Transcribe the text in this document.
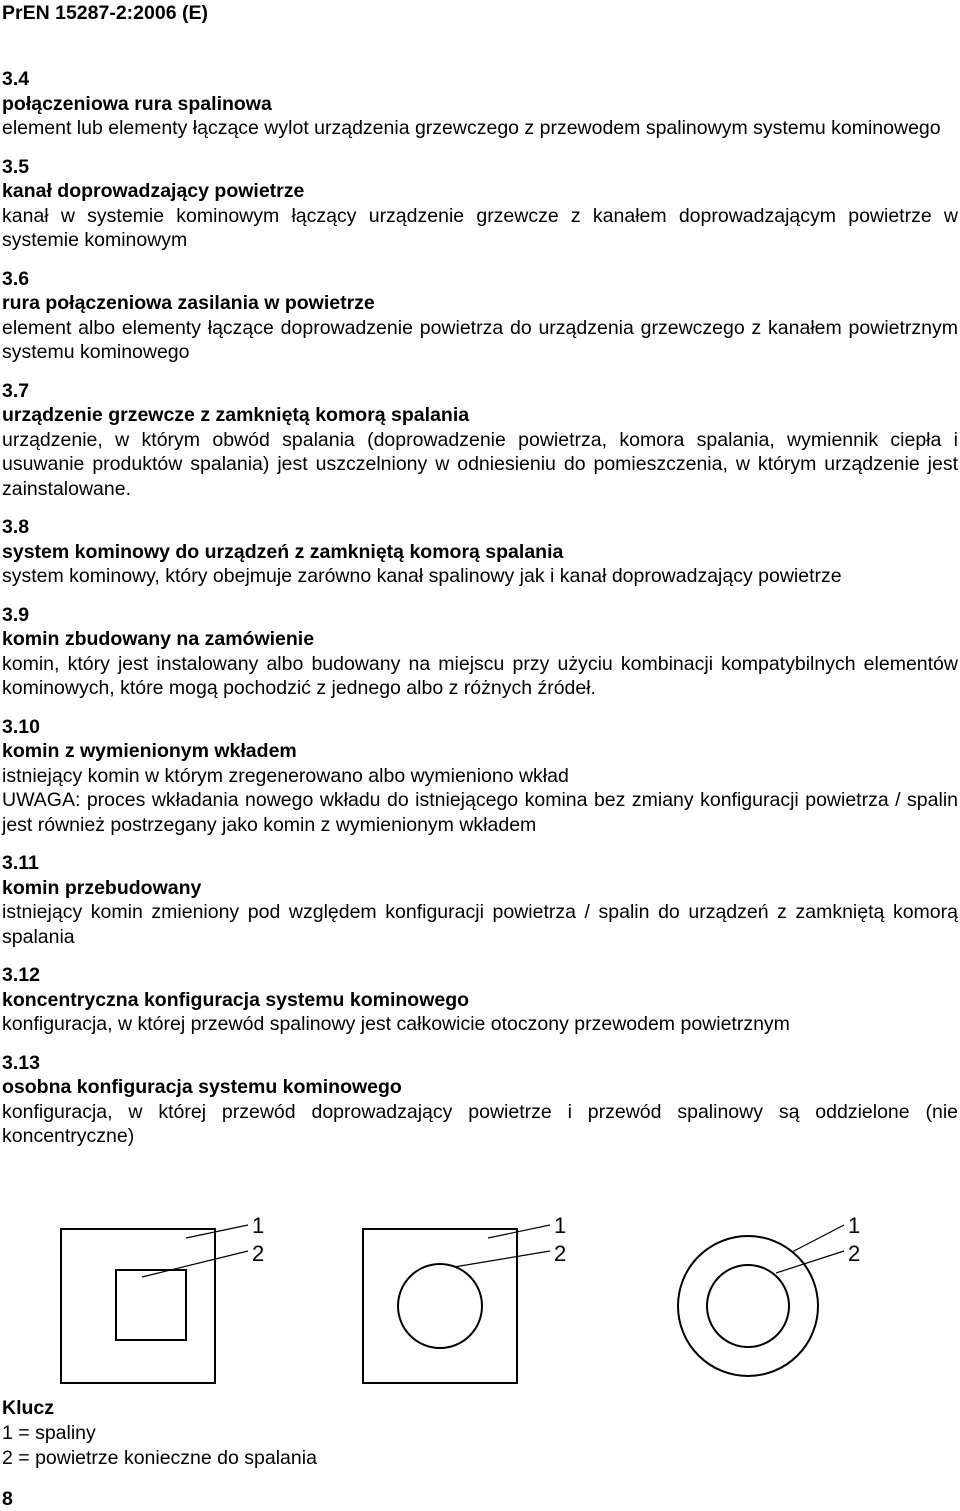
PrEN 15287-2:2006 (E)
3.4
połączeniowa rura spalinowa
element lub elementy łączące wylot urządzenia grzewczego z przewodem spalinowym systemu kominowego
3.5
kanał doprowadzający powietrze
kanał w systemie kominowym łączący urządzenie grzewcze z kanałem doprowadzającym powietrze w systemie kominowym
3.6
rura połączeniowa zasilania w powietrze
element albo elementy łączące doprowadzenie powietrza do urządzenia grzewczego z kanałem powietrznym systemu kominowego
3.7
urządzenie grzewcze z zamkniętą komorą spalania
urządzenie, w którym obwód spalania (doprowadzenie powietrza, komora spalania, wymiennik ciepła i usuwanie produktów spalania) jest uszczelniony w odniesieniu do pomieszczenia, w którym urządzenie jest zainstalowane.
3.8
system kominowy do urządzeń z zamkniętą komorą spalania
system kominowy, który obejmuje zarówno kanał spalinowy jak i kanał doprowadzający powietrze
3.9
komin zbudowany na zamówienie
komin, który jest instalowany albo budowany na miejscu przy użyciu kombinacji kompatybilnych elementów kominowych, które mogą pochodzić z jednego albo z różnych źródeł.
3.10
komin z wymienionym wkładem
istniejący komin w którym zregenerowano albo wymieniono wkład
UWAGA: proces wkładania nowego wkładu do istniejącego komina bez zmiany konfiguracji powietrza / spalin jest również postrzegany jako komin z wymienionym wkładem
3.11
komin przebudowany
istniejący komin zmieniony pod względem konfiguracji powietrza / spalin do urządzeń z zamkniętą komorą spalania
3.12
koncentryczna konfiguracja systemu kominowego
konfiguracja, w której przewód spalinowy jest całkowicie otoczony przewodem powietrznym
3.13
osobna konfiguracja systemu kominowego
konfiguracja, w której przewód doprowadzający powietrze i przewód spalinowy są oddzielone (nie koncentryczne)
1
2
1
2
1
2
Klucz
1 = spaliny
2 = powietrze konieczne do spalania
8
